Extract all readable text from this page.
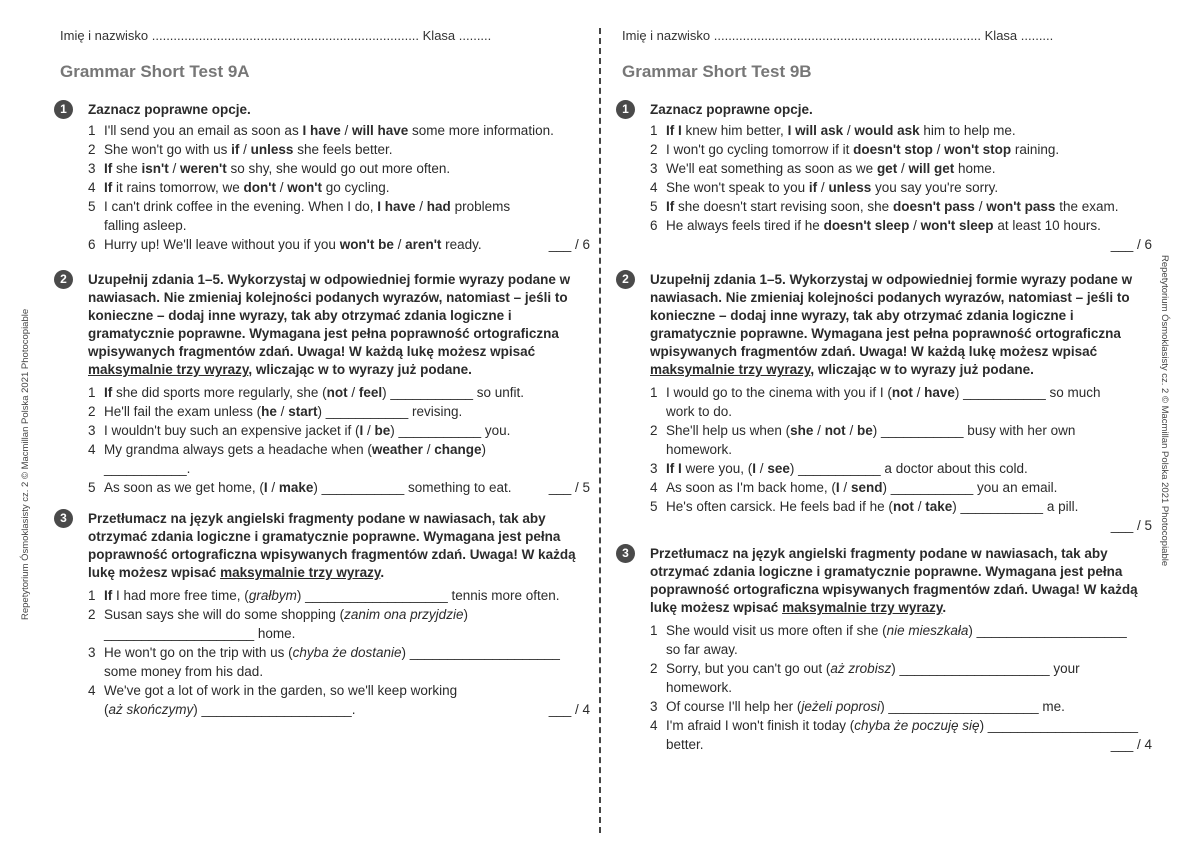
Repetytorium Ósmoklasisty cz. 2 © Macmillan Polska 2021 Photocopiable	Repetytorium Ósmoklasisty cz. 2 © Macmillan Polska 2021 Photocopiable
Imię i nazwisko .......................................................................... Klasa .........
Grammar Short Test 9A
1	Zaznacz poprawne opcje.
1 I'll send you an email as soon as I have / will have some more information.
2 She won't go with us if / unless she feels better.
3 If she isn't / weren't so shy, she would go out more often.
4 If it rains tomorrow, we don't / won't go cycling.
5 I can't drink coffee in the evening. When I do, I have / had problems
falling asleep.
6 Hurry up! We'll leave without you if you won't be / aren't ready.	___ / 6
2	Uzupełnij zdania 1–5. Wykorzystaj w odpowiedniej formie wyrazy podane w nawiasach. Nie zmieniaj kolejności podanych wyrazów, natomiast – jeśli to konieczne – dodaj inne wyrazy, tak aby otrzymać zdania logiczne i gramatycznie poprawne. Wymagana jest pełna poprawność ortograficzna wpisywanych fragmentów zdań. Uwaga! W każdą lukę możesz wpisać maksymalnie trzy wyrazy, wliczając w to wyrazy już podane.
1 If she did sports more regularly, she (not / feel) ___________ so unfit.
2 He'll fail the exam unless (he / start) ___________ revising.
3 I wouldn't buy such an expensive jacket if (I / be) ___________ you.
4 My grandma always gets a headache when (weather / change)
___________.
5 As soon as we get home, (I / make) ___________ something to eat.	___ / 5
3	Przetłumacz na język angielski fragmenty podane w nawiasach, tak aby otrzymać zdania logiczne i gramatycznie poprawne. Wymagana jest pełna poprawność ortograficzna wpisywanych fragmentów zdań. Uwaga! W każdą lukę możesz wpisać maksymalnie trzy wyrazy.
1 If I had more free time, (grałbym) ___________________ tennis more often.
2 Susan says she will do some shopping (zanim ona przyjdzie)
____________________ home.
3 He won't go on the trip with us (chyba że dostanie) ____________________
some money from his dad.
4 We've got a lot of work in the garden, so we'll keep working
(aż skończymy) ____________________.	___ / 4
Imię i nazwisko .......................................................................... Klasa .........
Grammar Short Test 9B
1	Zaznacz poprawne opcje.
1 If I knew him better, I will ask / would ask him to help me.
2 I won't go cycling tomorrow if it doesn't stop / won't stop raining.
3 We'll eat something as soon as we get / will get home.
4 She won't speak to you if / unless you say you're sorry.
5 If she doesn't start revising soon, she doesn't pass / won't pass the exam.
6 He always feels tired if he doesn't sleep / won't sleep at least 10 hours.
___ / 6
2	Uzupełnij zdania 1–5. Wykorzystaj w odpowiedniej formie wyrazy podane w nawiasach. Nie zmieniaj kolejności podanych wyrazów, natomiast – jeśli to konieczne – dodaj inne wyrazy, tak aby otrzymać zdania logiczne i gramatycznie poprawne. Wymagana jest pełna poprawność ortograficzna wpisywanych fragmentów zdań. Uwaga! W każdą lukę możesz wpisać maksymalnie trzy wyrazy, wliczając w to wyrazy już podane.
1 I would go to the cinema with you if I (not / have) ___________ so much
work to do.
2 She'll help us when (she / not / be) ___________ busy with her own
homework.
3 If I were you, (I / see) ___________ a doctor about this cold.
4 As soon as I'm back home, (I / send) ___________ you an email.
5 He's often carsick. He feels bad if he (not / take) ___________ a pill.
___ / 5
3	Przetłumacz na język angielski fragmenty podane w nawiasach, tak aby otrzymać zdania logiczne i gramatycznie poprawne. Wymagana jest pełna poprawność ortograficzna wpisywanych fragmentów zdań. Uwaga! W każdą lukę możesz wpisać maksymalnie trzy wyrazy.
1 She would visit us more often if she (nie mieszkała) ____________________
so far away.
2 Sorry, but you can't go out (aż zrobisz) ____________________ your
homework.
3 Of course I'll help her (jeżeli poprosi) ____________________ me.
4 I'm afraid I won't finish it today (chyba że poczuję się) ____________________
better.	___ / 4
